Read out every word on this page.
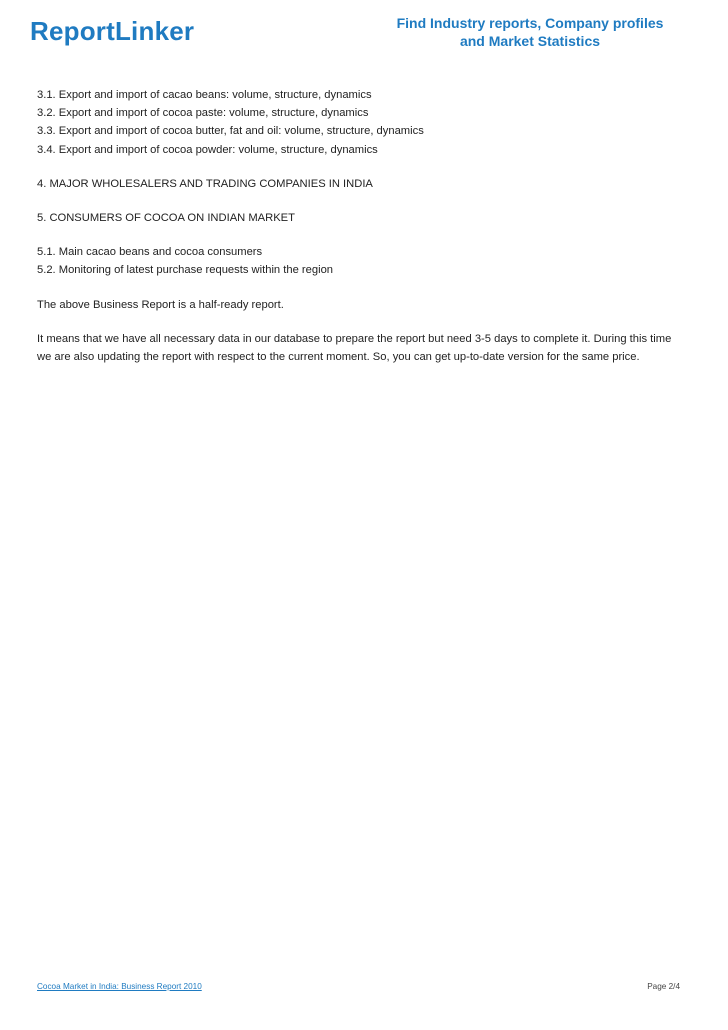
ReportLinker	Find Industry reports, Company profiles
and Market Statistics
3.1. Export and import of cacao beans: volume, structure, dynamics
3.2. Export and import of cocoa paste: volume, structure, dynamics
3.3. Export and import of cocoa butter, fat and oil: volume, structure, dynamics
3.4. Export and import of cocoa powder: volume, structure, dynamics
4. MAJOR WHOLESALERS AND TRADING COMPANIES IN INDIA
5. CONSUMERS OF COCOA ON INDIAN MARKET
5.1. Main cacao beans and cocoa consumers
5.2. Monitoring of latest purchase requests within the region
The above Business Report is a half-ready report.
It means that we have all necessary data in our database to prepare the report but need 3-5 days to complete it. During this time we are also updating the report with respect to the current moment. So, you can get up-to-date version for the same price.
Cocoa Market in India: Business Report 2010	Page 2/4
